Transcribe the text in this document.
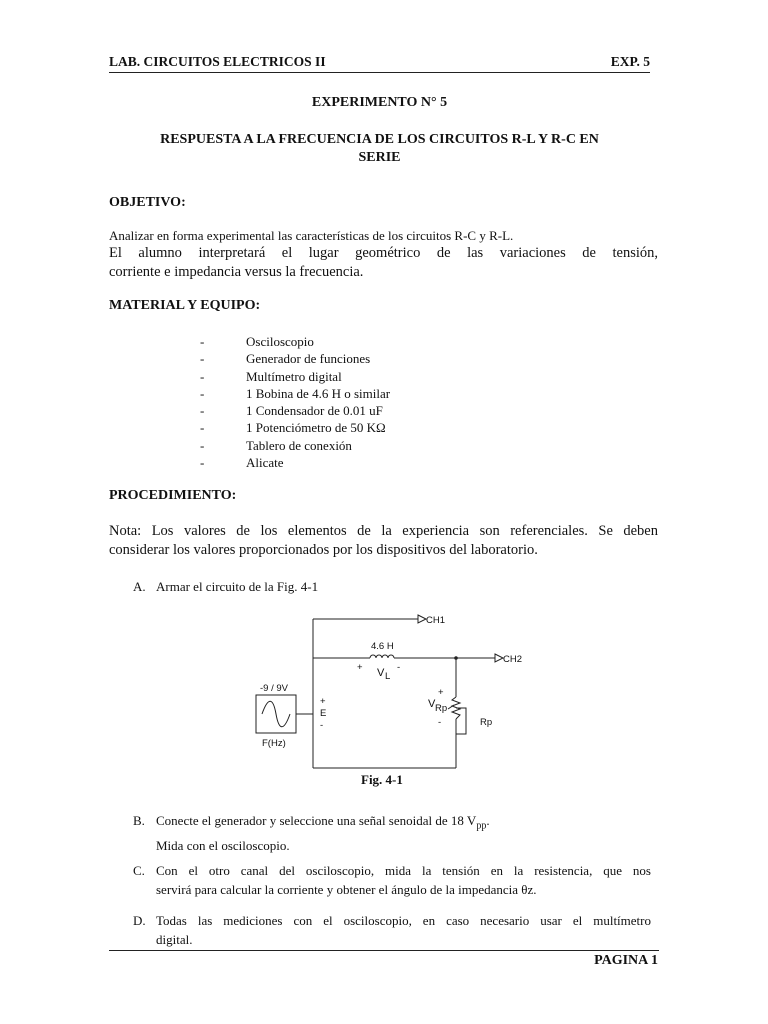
LAB. CIRCUITOS ELECTRICOS II	EXP. 5
EXPERIMENTO N° 5
RESPUESTA A LA FRECUENCIA DE LOS CIRCUITOS R-L Y R-C EN
SERIE
OBJETIVO:
Analizar en forma experimental las características de los circuitos R-C y R-L.
El alumno interpretará el lugar geométrico de las variaciones de tensión,
corriente e impedancia versus la frecuencia.
MATERIAL Y EQUIPO:
-	Osciloscopio
-	Generador de funciones
-	Multímetro digital
-	1 Bobina de 4.6 H o similar
-	1 Condensador de 0.01 uF
-	1 Potenciómetro de 50 KΩ
-	Tablero de conexión
-	Alicate
PROCEDIMIENTO:
Nota: Los valores de los elementos de la experiencia son referenciales. Se deben
considerar los valores proporcionados por los dispositivos del laboratorio.
A. Armar el circuito de la Fig. 4-1
CH1
CH2
4.6 H
+	-
V L
-9 / 9V
+
E
-
F(Hz)
+
V Rp
-	Rp
Fig. 4-1
B. Conecte el generador y seleccione una señal senoidal de 18 $V_{pp}$.
Mida con el osciloscopio.
C. Con el otro canal del osciloscopio, mida la tensión en la resistencia, que nos
servirá para calcular la corriente y obtener el ángulo de la impedancia θz.
D. Todas las mediciones con el osciloscopio, en caso necesario usar el multímetro
digital.
PAGINA 1
